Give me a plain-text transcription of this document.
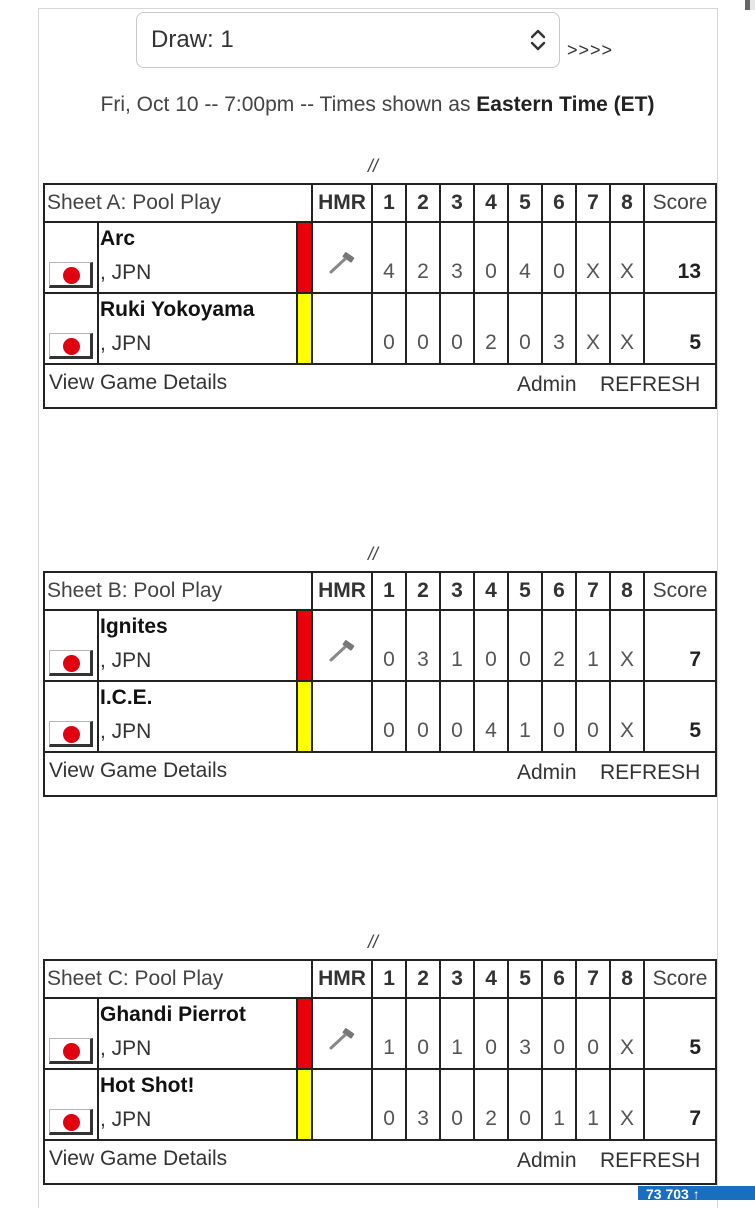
Draw: 1	>>>>
Fri, Oct 10 -- 7:00pm -- Times shown as Eastern Time (ET)
//
Sheet A: Pool Play			HMR	1	2	3	4	5	6	7	8	Score

	Arc
, JPN			4	2	3	0	4	0	X	X	13

	Ruki Yokoyama
, JPN			0	0	0	2	0	3	X	X	5

View Game Details Admin REFRESH												
//
Sheet B: Pool Play			HMR	1	2	3	4	5	6	7	8	Score

	Ignites
, JPN			0	3	1	0	0	2	1	X	7

	I.C.E.
, JPN			0	0	0	4	1	0	0	X	5

View Game Details Admin REFRESH												
//
Sheet C: Pool Play			HMR	1	2	3	4	5	6	7	8	Score

	Ghandi Pierrot
, JPN			1	0	1	0	3	0	0	X	5

	Hot Shot!
, JPN			0	3	0	2	0	1	1	X	7

View Game Details Admin REFRESH												
73 703 ↑
